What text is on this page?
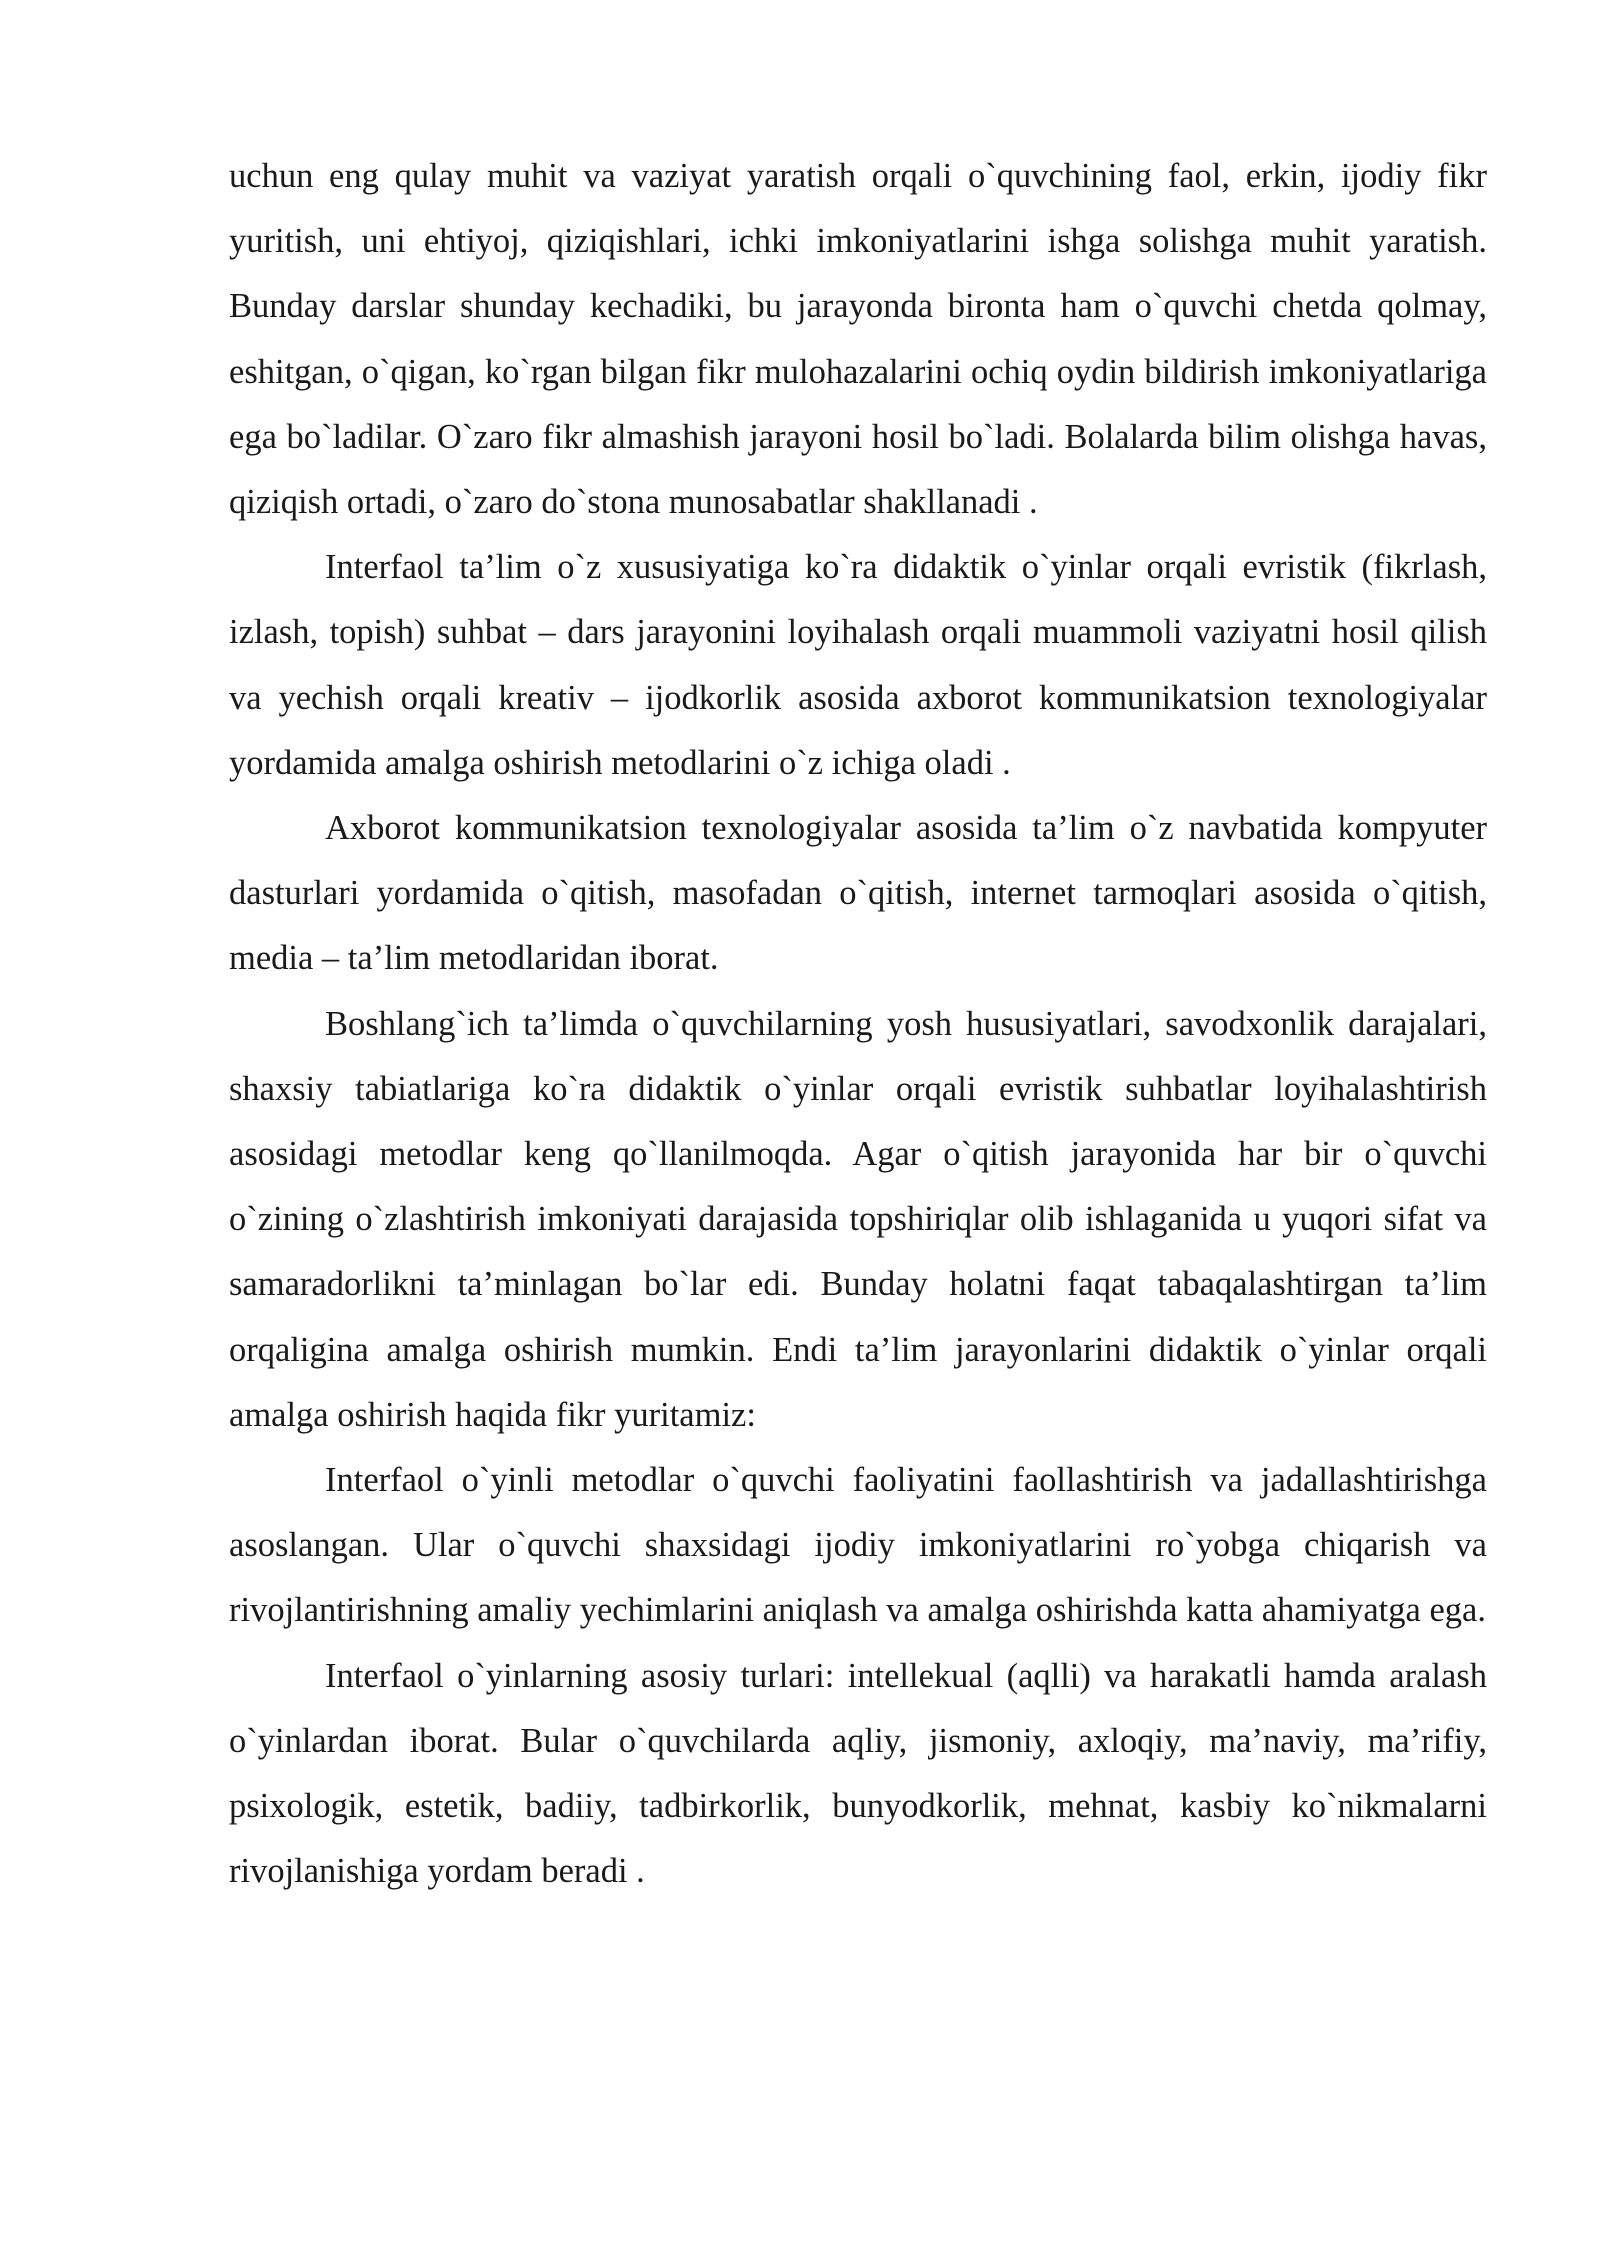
uchun eng qulay muhit va vaziyat yaratish orqali o`quvchining faol, erkin, ijodiy fikr yuritish, uni ehtiyoj, qiziqishlari, ichki imkoniyatlarini ishga solishga muhit yaratish. Bunday darslar shunday kechadiki, bu jarayonda bironta ham o`quvchi chetda qolmay, eshitgan, o`qigan, ko`rgan bilgan fikr mulohazalarini ochiq oydin bildirish imkoniyatlariga ega bo`ladilar. O`zaro fikr almashish jarayoni hosil bo`ladi. Bolalarda bilim olishga havas, qiziqish ortadi, o`zaro do`stona munosabatlar shakllanadi .

Interfaol ta’lim o`z xususiyatiga ko`ra didaktik o`yinlar orqali evristik (fikrlash, izlash, topish) suhbat – dars jarayonini loyihalash orqali muammoli vaziyatni hosil qilish va yechish orqali kreativ – ijodkorlik asosida axborot kommunikatsion texnologiyalar yordamida amalga oshirish metodlarini o`z ichiga oladi .

Axborot kommunikatsion texnologiyalar asosida ta’lim o`z navbatida kompyuter dasturlari yordamida o`qitish, masofadan o`qitish, internet tarmoqlari asosida o`qitish, media – ta’lim metodlaridan iborat.

Boshlang`ich ta’limda o`quvchilarning yosh hususiyatlari, savodxonlik darajalari, shaxsiy tabiatlariga ko`ra didaktik o`yinlar orqali evristik suhbatlar loyihalashtirish asosidagi metodlar keng qo`llanilmoqda. Agar o`qitish jarayonida har bir o`quvchi o`zining o`zlashtirish imkoniyati darajasida topshiriqlar olib ishlaganida u yuqori sifat va samaradorlikni ta’minlagan bo`lar edi. Bunday holatni faqat tabaqalashtirgan ta’lim orqaligina amalga oshirish mumkin. Endi ta’lim jarayonlarini didaktik o`yinlar orqali amalga oshirish haqida fikr yuritamiz:

Interfaol o`yinli metodlar o`quvchi faoliyatini faollashtirish va jadallashtirishga asoslangan. Ular o`quvchi shaxsidagi ijodiy imkoniyatlarini ro`yobga chiqarish va rivojlantirishning amaliy yechimlarini aniqlash va amalga oshirishda katta ahamiyatga ega.

Interfaol o`yinlarning asosiy turlari: intellekual (aqlli) va harakatli hamda aralash o`yinlardan iborat. Bular o`quvchilarda aqliy, jismoniy, axloqiy, ma’naviy, ma’rifiy, psixologik, estetik, badiiy, tadbirkorlik, bunyodkorlik, mehnat, kasbiy ko`nikmalarni rivojlanishiga yordam beradi .
